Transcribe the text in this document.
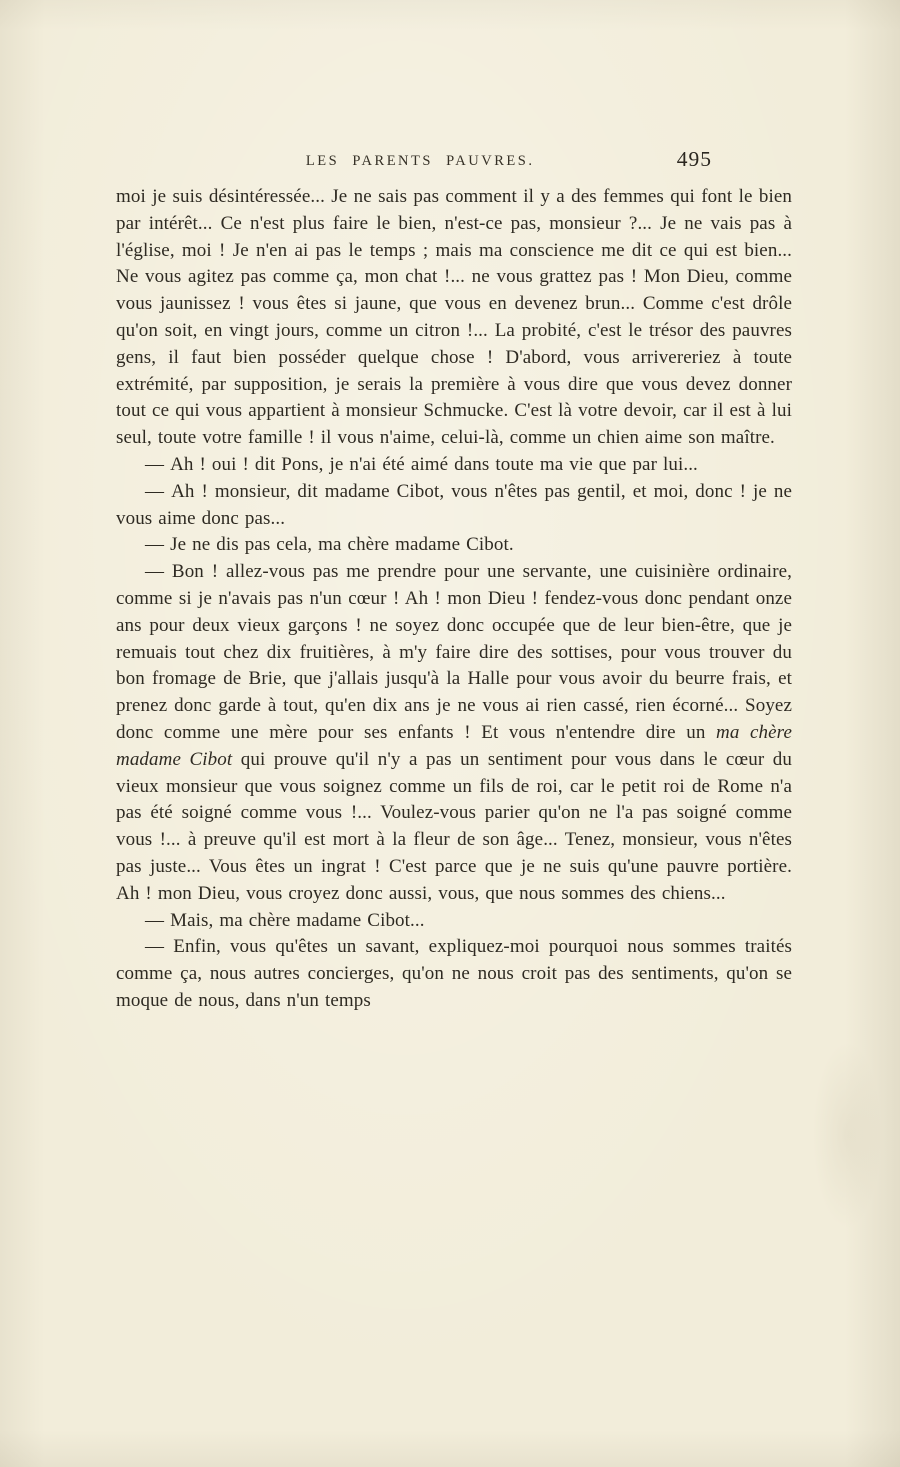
LES PARENTS PAUVRES.	495

moi je suis désintéressée... Je ne sais pas comment il y a des femmes qui font le bien par intérêt... Ce n'est plus faire le bien, n'est-ce pas, monsieur ?... Je ne vais pas à l'église, moi ! Je n'en ai pas le temps ; mais ma conscience me dit ce qui est bien... Ne vous agitez pas comme ça, mon chat !... ne vous grattez pas ! Mon Dieu, comme vous jaunissez ! vous êtes si jaune, que vous en devenez brun... Comme c'est drôle qu'on soit, en vingt jours, comme un citron !... La probité, c'est le trésor des pauvres gens, il faut bien posséder quelque chose ! D'abord, vous arrivereriez à toute extrémité, par supposition, je serais la première à vous dire que vous devez donner tout ce qui vous appartient à monsieur Schmucke. C'est là votre devoir, car il est à lui seul, toute votre famille ! il vous n'aime, celui-là, comme un chien aime son maître.

— Ah ! oui ! dit Pons, je n'ai été aimé dans toute ma vie que par lui...

— Ah ! monsieur, dit madame Cibot, vous n'êtes pas gentil, et moi, donc ! je ne vous aime donc pas...

— Je ne dis pas cela, ma chère madame Cibot.

— Bon ! allez-vous pas me prendre pour une servante, une cuisinière ordinaire, comme si je n'avais pas n'un cœur ! Ah ! mon Dieu ! fendez-vous donc pendant onze ans pour deux vieux garçons ! ne soyez donc occupée que de leur bien-être, que je remuais tout chez dix fruitières, à m'y faire dire des sottises, pour vous trouver du bon fromage de Brie, que j'allais jusqu'à la Halle pour vous avoir du beurre frais, et prenez donc garde à tout, qu'en dix ans je ne vous ai rien cassé, rien écorné... Soyez donc comme une mère pour ses enfants ! Et vous n'entendre dire un ma chère madame Cibot qui prouve qu'il n'y a pas un sentiment pour vous dans le cœur du vieux monsieur que vous soignez comme un fils de roi, car le petit roi de Rome n'a pas été soigné comme vous !... Voulez-vous parier qu'on ne l'a pas soigné comme vous !... à preuve qu'il est mort à la fleur de son âge... Tenez, monsieur, vous n'êtes pas juste... Vous êtes un ingrat ! C'est parce que je ne suis qu'une pauvre portière. Ah ! mon Dieu, vous croyez donc aussi, vous, que nous sommes des chiens...

— Mais, ma chère madame Cibot...

— Enfin, vous qu'êtes un savant, expliquez-moi pourquoi nous sommes traités comme ça, nous autres concierges, qu'on ne nous croit pas des sentiments, qu'on se moque de nous, dans n'un temps
